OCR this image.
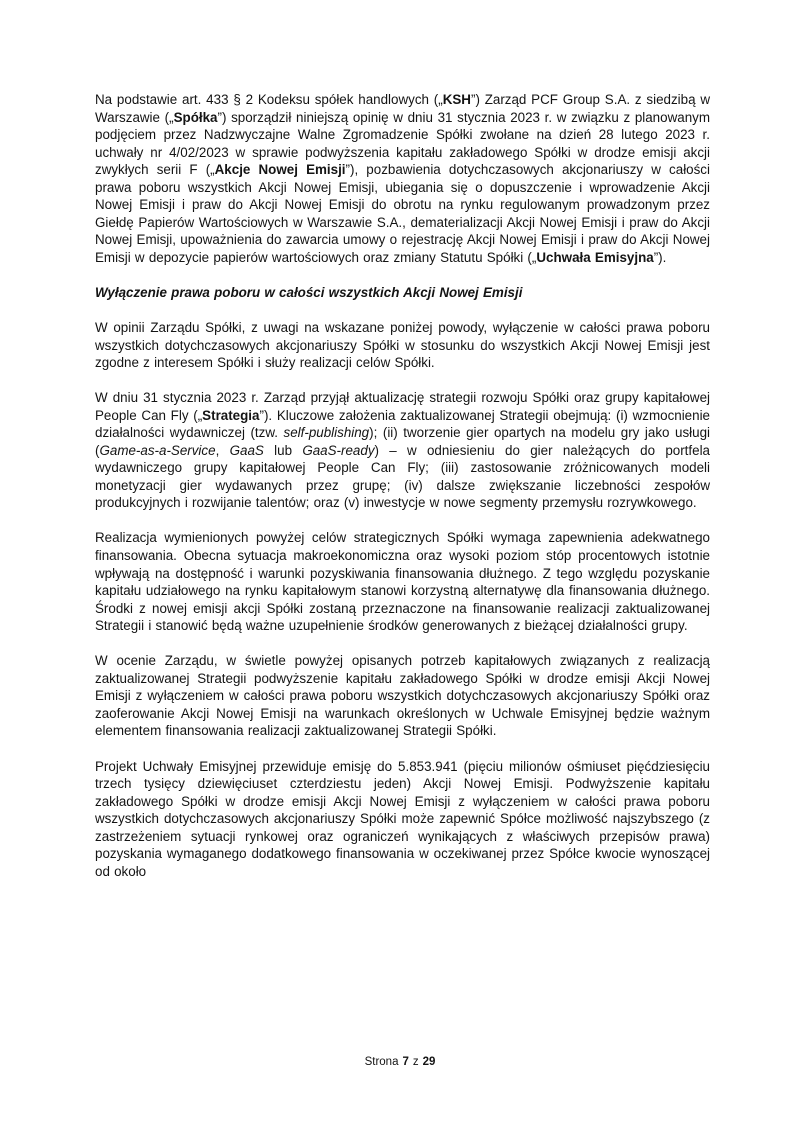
Na podstawie art. 433 § 2 Kodeksu spółek handlowych („KSH”) Zarząd PCF Group S.A. z siedzibą w Warszawie („Spółka”) sporządził niniejszą opinię w dniu 31 stycznia 2023 r. w związku z planowanym podjęciem przez Nadzwyczajne Walne Zgromadzenie Spółki zwołane na dzień 28 lutego 2023 r. uchwały nr 4/02/2023 w sprawie podwyższenia kapitału zakładowego Spółki w drodze emisji akcji zwykłych serii F („Akcje Nowej Emisji”), pozbawienia dotychczasowych akcjonariuszy w całości prawa poboru wszystkich Akcji Nowej Emisji, ubiegania się o dopuszczenie i wprowadzenie Akcji Nowej Emisji i praw do Akcji Nowej Emisji do obrotu na rynku regulowanym prowadzonym przez Giełdę Papierów Wartościowych w Warszawie S.A., dematerializacji Akcji Nowej Emisji i praw do Akcji Nowej Emisji, upoważnienia do zawarcia umowy o rejestrację Akcji Nowej Emisji i praw do Akcji Nowej Emisji w depozycie papierów wartościowych oraz zmiany Statutu Spółki („Uchwała Emisyjna”).

Wyłączenie prawa poboru w całości wszystkich Akcji Nowej Emisji

W opinii Zarządu Spółki, z uwagi na wskazane poniżej powody, wyłączenie w całości prawa poboru wszystkich dotychczasowych akcjonariuszy Spółki w stosunku do wszystkich Akcji Nowej Emisji jest zgodne z interesem Spółki i służy realizacji celów Spółki.

W dniu 31 stycznia 2023 r. Zarząd przyjął aktualizację strategii rozwoju Spółki oraz grupy kapitałowej People Can Fly („Strategia”). Kluczowe założenia zaktualizowanej Strategii obejmują: (i) wzmocnienie działalności wydawniczej (tzw. self-publishing); (ii) tworzenie gier opartych na modelu gry jako usługi (Game-as-a-Service, GaaS lub GaaS-ready) – w odniesieniu do gier należących do portfela wydawniczego grupy kapitałowej People Can Fly; (iii) zastosowanie zróżnicowanych modeli monetyzacji gier wydawanych przez grupę; (iv) dalsze zwiększanie liczebności zespołów produkcyjnych i rozwijanie talentów; oraz (v) inwestycje w nowe segmenty przemysłu rozrywkowego.

Realizacja wymienionych powyżej celów strategicznych Spółki wymaga zapewnienia adekwatnego finansowania. Obecna sytuacja makroekonomiczna oraz wysoki poziom stóp procentowych istotnie wpływają na dostępność i warunki pozyskiwania finansowania dłużnego. Z tego względu pozyskanie kapitału udziałowego na rynku kapitałowym stanowi korzystną alternatywę dla finansowania dłużnego. Środki z nowej emisji akcji Spółki zostaną przeznaczone na finansowanie realizacji zaktualizowanej Strategii i stanowić będą ważne uzupełnienie środków generowanych z bieżącej działalności grupy.

W ocenie Zarządu, w świetle powyżej opisanych potrzeb kapitałowych związanych z realizacją zaktualizowanej Strategii podwyższenie kapitału zakładowego Spółki w drodze emisji Akcji Nowej Emisji z wyłączeniem w całości prawa poboru wszystkich dotychczasowych akcjonariuszy Spółki oraz zaoferowanie Akcji Nowej Emisji na warunkach określonych w Uchwale Emisyjnej będzie ważnym elementem finansowania realizacji zaktualizowanej Strategii Spółki.

Projekt Uchwały Emisyjnej przewiduje emisję do 5.853.941 (pięciu milionów ośmiuset pięćdziesięciu trzech tysięcy dziewięciuset czterdziestu jeden) Akcji Nowej Emisji. Podwyższenie kapitału zakładowego Spółki w drodze emisji Akcji Nowej Emisji z wyłączeniem w całości prawa poboru wszystkich dotychczasowych akcjonariuszy Spółki może zapewnić Spółce możliwość najszybszego (z zastrzeżeniem sytuacji rynkowej oraz ograniczeń wynikających z właściwych przepisów prawa) pozyskania wymaganego dodatkowego finansowania w oczekiwanej przez Spółce kwocie wynoszącej od około

Strona 7 z 29
